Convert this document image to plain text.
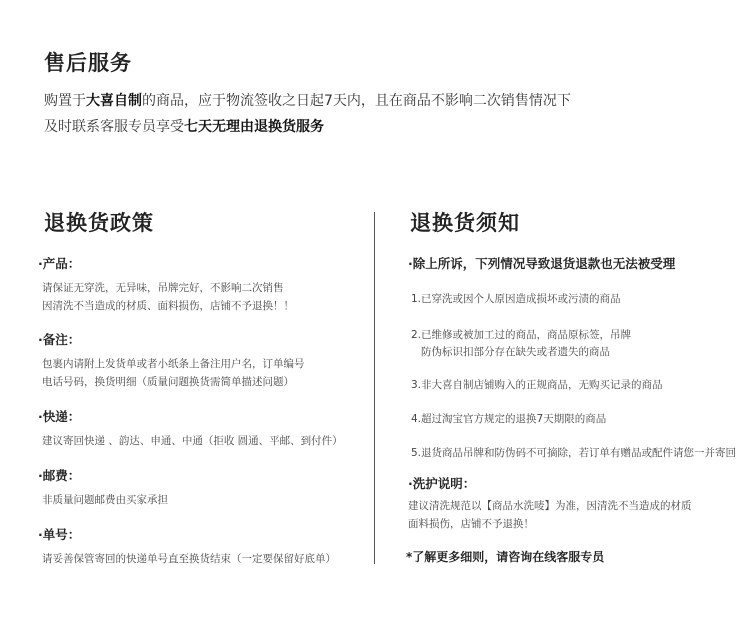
售后服务
购置于大喜自制的商品，应于物流签收之日起7天内，且在商品不影响二次销售情况下
及时联系客服专员享受七天无理由退换货服务
退换货政策
·产品：
请保证无穿洗，无异味，吊牌完好，不影响二次销售
因清洗不当造成的材质、面料损伤，店铺不予退换！！
·备注：
包裹内请附上发货单或者小纸条上备注用户名，订单编号
电话号码，换货明细（质量问题换货需简单描述问题）
·快递：
建议寄回快递 、韵达、申通、中通（拒收 圆通、平邮、到付件）
·邮费：
非质量问题邮费由买家承担
·单号：
请妥善保管寄回的快递单号直至换货结束（一定要保留好底单）
退换货须知
·除上所诉，下列情况导致退货退款也无法被受理
1.已穿洗或因个人原因造成损坏或污渍的商品
2.已维修或被加工过的商品，商品原标签，吊牌
防伪标识扣部分存在缺失或者遗失的商品
3.非大喜自制店铺购入的正规商品，无购买记录的商品
4.超过淘宝官方规定的退换7天期限的商品
5.退货商品吊牌和防伪码不可摘除，若订单有赠品或配件请您一并寄回
·洗护说明：
建议清洗规范以【商品水洗唛】为准，因清洗不当造成的材质
面料损伤，店铺不予退换！
*了解更多细则，请咨询在线客服专员
